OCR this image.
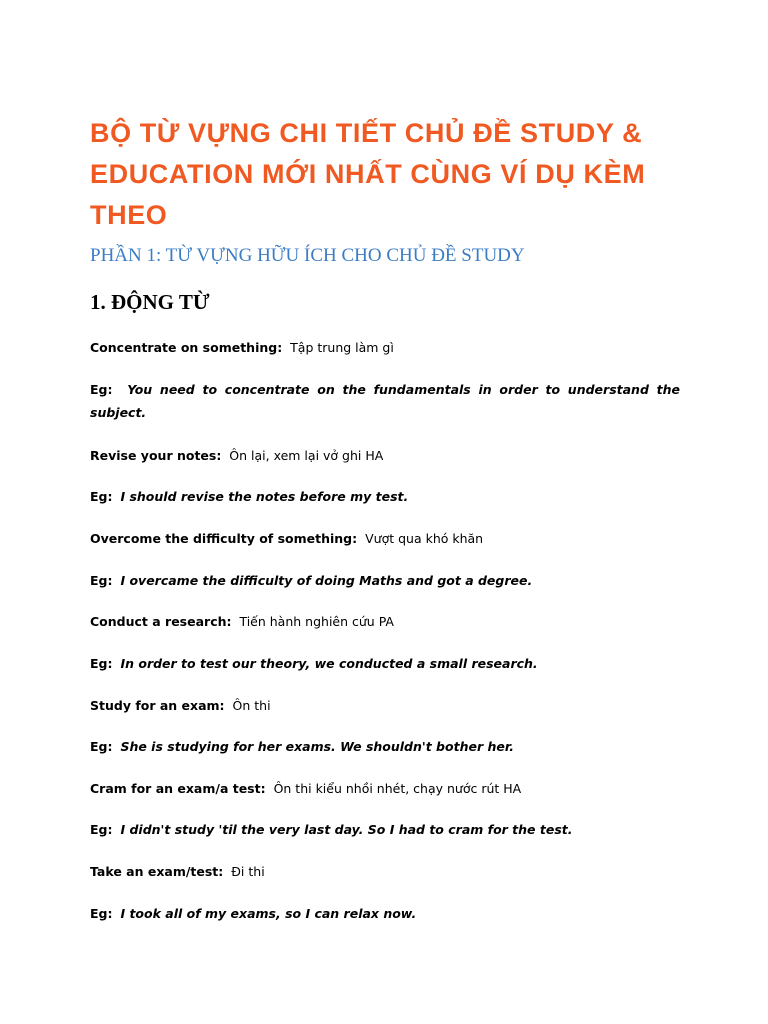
BỘ TỪ VỰNG CHI TIẾT CHỦ ĐỀ STUDY & EDUCATION MỚI NHẤT CÙNG VÍ DỤ KÈM THEO
PHẦN 1: TỪ VỰNG HỮU ÍCH CHO CHỦ ĐỀ STUDY
1. ĐỘNG TỪ

Concentrate on something: Tập trung làm gì

Eg: You need to concentrate on the fundamentals in order to understand the subject.

Revise your notes: Ôn lại, xem lại vở ghi HA

Eg: I should revise the notes before my test.

Overcome the difficulty of something: Vượt qua khó khăn

Eg: I overcame the difficulty of doing Maths and got a degree.

Conduct a research: Tiến hành nghiên cứu PA

Eg: In order to test our theory, we conducted a small research.

Study for an exam: Ôn thi

Eg: She is studying for her exams. We shouldn't bother her.

Cram for an exam/a test: Ôn thi kiểu nhồi nhét, chạy nước rút HA

Eg: I didn't study 'til the very last day. So I had to cram for the test.

Take an exam/test: Đi thi

Eg: I took all of my exams, so I can relax now.
